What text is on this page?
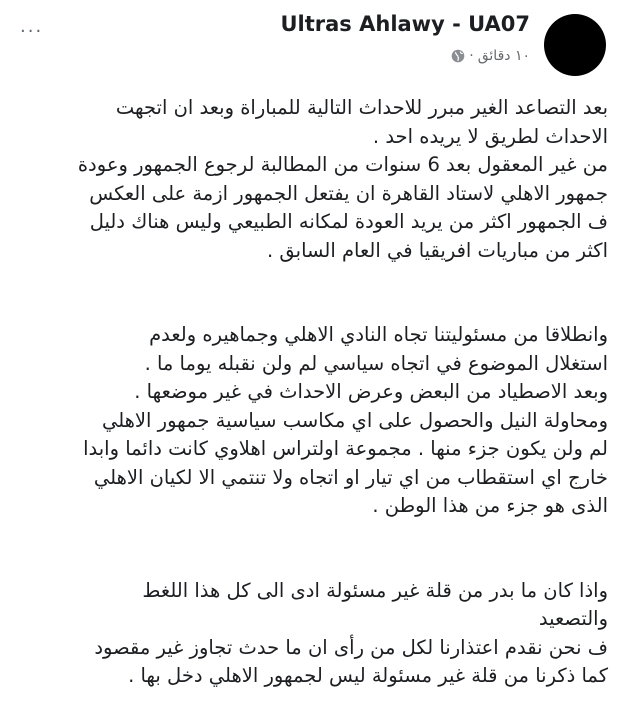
Ultras Ahlawy - UA07
١٠ دقائق
·
...

بعد التصاعد الغير مبرر للاحداث التالية للمباراة وبعد ان اتجهت

الاحداث لطريق لا يريده احد .

من غير المعقول بعد 6 سنوات من المطالبة لرجوع الجمهور وعودة

جمهور الاهلي لاستاد القاهرة ان يفتعل الجمهور ازمة على العكس

ف الجمهور اكثر من يريد العودة لمكانه الطبيعي وليس هناك دليل

اكثر من مباريات افريقيا في العام السابق .

وانطلاقا من مسئوليتنا تجاه النادي الاهلي وجماهيره ولعدم

استغلال الموضوع في اتجاه سياسي لم ولن نقبله يوما ما .

وبعد الاصطياد من البعض وعرض الاحداث في غير موضعها .

ومحاولة النيل والحصول على اي مكاسب سياسية جمهور الاهلي

لم ولن يكون جزء منها . مجموعة اولتراس اهلاوي كانت دائما وابدا

خارج اي استقطاب من اي تيار او اتجاه ولا تنتمي الا لكيان الاهلي

الذى هو جزء من هذا الوطن .

واذا كان ما بدر من قلة غير مسئولة ادى الى كل هذا اللغط

والتصعيد

ف نحن نقدم اعتذارنا لكل من رأى ان ما حدث تجاوز غير مقصود

كما ذكرنا من قلة غير مسئولة ليس لجمهور الاهلي دخل بها .
